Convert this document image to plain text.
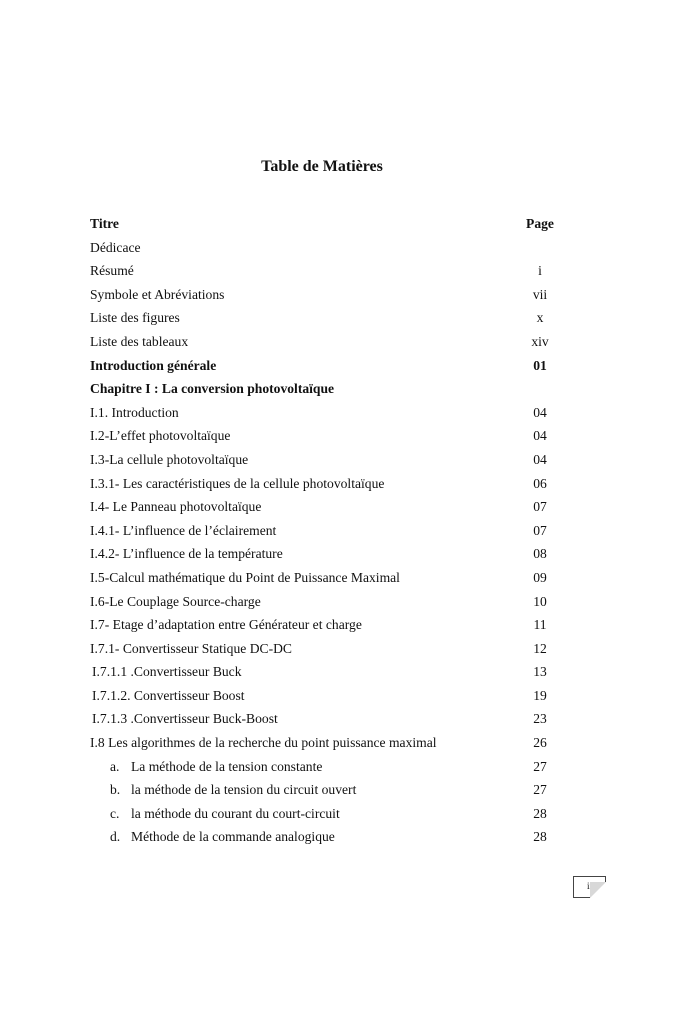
Table de Matières
Titre	Page
Dédicace
Résumé	i
Symbole et Abréviations	vii
Liste des figures	x
Liste des tableaux	xiv
Introduction générale	01
Chapitre I : La conversion photovoltaïque
I.1. Introduction	04
I.2-L’effet photovoltaïque	04
I.3-La cellule photovoltaïque	04
I.3.1- Les caractéristiques de la cellule photovoltaïque	06
I.4- Le Panneau photovoltaïque	07
I.4.1- L’influence de l’éclairement	07
I.4.2- L’influence de la température	08
I.5-Calcul mathématique du Point de Puissance Maximal	09
I.6-Le Couplage Source-charge	10
I.7- Etage d’adaptation entre Générateur et charge	11
I.7.1- Convertisseur Statique DC-DC	12
I.7.1.1 .Convertisseur Buck	13
I.7.1.2. Convertisseur Boost	19
I.7.1.3 .Convertisseur Buck-Boost	23
I.8 Les algorithmes de la recherche du point puissance maximal	26
a. La méthode de la tension constante	27
b. la méthode de la tension du circuit ouvert	27
c. la méthode du courant du court-circuit	28
d. Méthode de la commande analogique	28
ii
